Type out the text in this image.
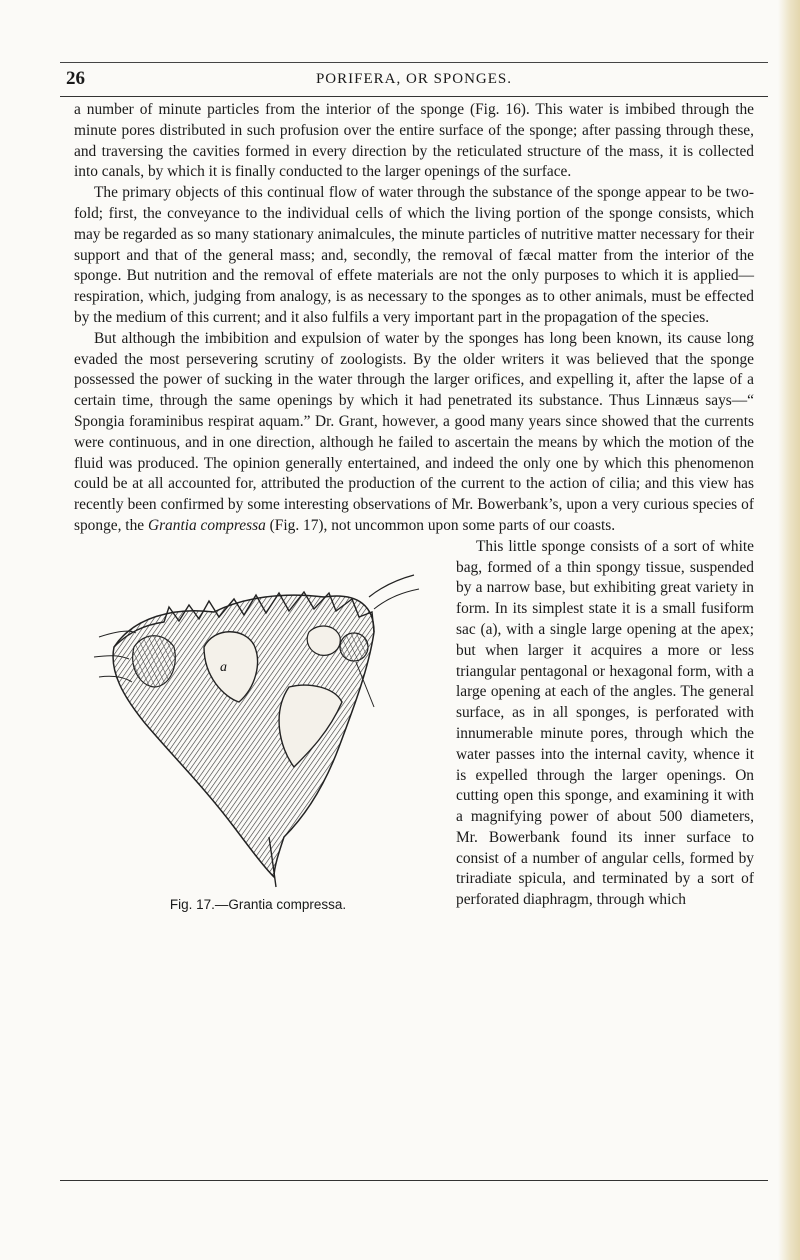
26	PORIFERA, OR SPONGES.

a number of minute particles from the interior of the sponge (Fig. 16). This water is imbibed through the minute pores distributed in such profusion over the entire surface of the sponge; after passing through these, and traversing the cavities formed in every direction by the reticulated structure of the mass, it is collected into canals, by which it is finally conducted to the larger openings of the surface.

The primary objects of this continual flow of water through the substance of the sponge appear to be two-fold; first, the conveyance to the individual cells of which the living portion of the sponge consists, which may be regarded as so many stationary animalcules, the minute particles of nutritive matter necessary for their support and that of the general mass; and, secondly, the removal of fæcal matter from the interior of the sponge. But nutrition and the removal of effete materials are not the only purposes to which it is applied—respiration, which, judging from analogy, is as necessary to the sponges as to other animals, must be effected by the medium of this current; and it also fulfils a very important part in the propagation of the species.

But although the imbibition and expulsion of water by the sponges has long been known, its cause long evaded the most persevering scrutiny of zoologists. By the older writers it was believed that the sponge possessed the power of sucking in the water through the larger orifices, and expelling it, after the lapse of a certain time, through the same openings by which it had penetrated its substance. Thus Linnæus says—“ Spongia foraminibus respirat aquam.” Dr. Grant, however, a good many years since showed that the currents were continuous, and in one direction, although he failed to ascertain the means by which the motion of the fluid was produced. The opinion generally entertained, and indeed the only one by which this phenomenon could be at all accounted for, attributed the production of the current to the action of cilia; and this view has recently been confirmed by some interesting observations of Mr. Bowerbank’s, upon a very curious species of sponge, the Grantia compressa (Fig. 17), not uncommon upon some parts of our coasts.

a
Fig. 17.—Grantia compressa.
This little sponge consists of a sort of white bag, formed of a thin spongy tissue, suspended by a narrow base, but exhibiting great variety in form. In its simplest state it is a small fusiform sac (a), with a single large opening at the apex; but when larger it acquires a more or less triangular pentagonal or hexagonal form, with a large opening at each of the angles. The general surface, as in all sponges, is perforated with innumerable minute pores, through which the water passes into the internal cavity, whence it is expelled through the larger openings. On cutting open this sponge, and examining it with a magnifying power of about 500 diameters, Mr. Bowerbank found its inner surface to consist of a number of angular cells, formed by triradiate spicula, and terminated by a sort of perforated diaphragm, through which
